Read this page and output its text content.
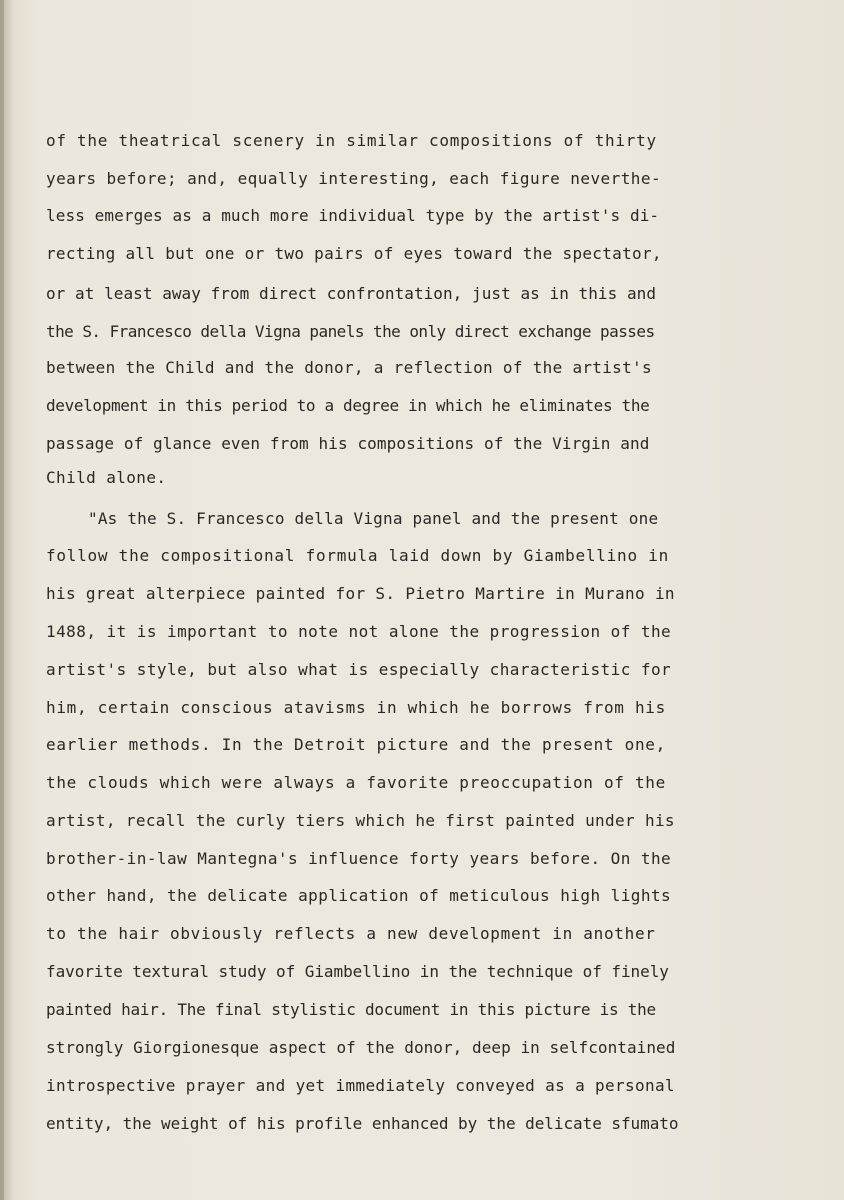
of the theatrical scenery in similar compositions of thirty
years before; and, equally interesting, each figure neverthe-
less emerges as a much more individual type by the artist's di-
recting all but one or two pairs of eyes toward the spectator,
or at least away from direct confrontation, just as in this and
the S. Francesco della Vigna panels the only direct exchange passes
between the Child and the donor, a reflection of the artist's
development in this period to a degree in which he eliminates the
passage of glance even from his compositions of the Virgin and
Child alone.
"As the S. Francesco della Vigna panel and the present one
follow the compositional formula laid down by Giambellino in
his great alterpiece painted for S. Pietro Martire in Murano in
1488, it is important to note not alone the progression of the
artist's style, but also what is especially characteristic for
him, certain conscious atavisms in which he borrows from his
earlier methods. In the Detroit picture and the present one,
the clouds which were always a favorite preoccupation of the
artist, recall the curly tiers which he first painted under his
brother-in-law Mantegna's influence forty years before. On the
other hand, the delicate application of meticulous high lights
to the hair obviously reflects a new development in another
favorite textural study of Giambellino in the technique of finely
painted hair. The final stylistic document in this picture is the
strongly Giorgionesque aspect of the donor, deep in selfcontained
introspective prayer and yet immediately conveyed as a personal
entity, the weight of his profile enhanced by the delicate sfumato
